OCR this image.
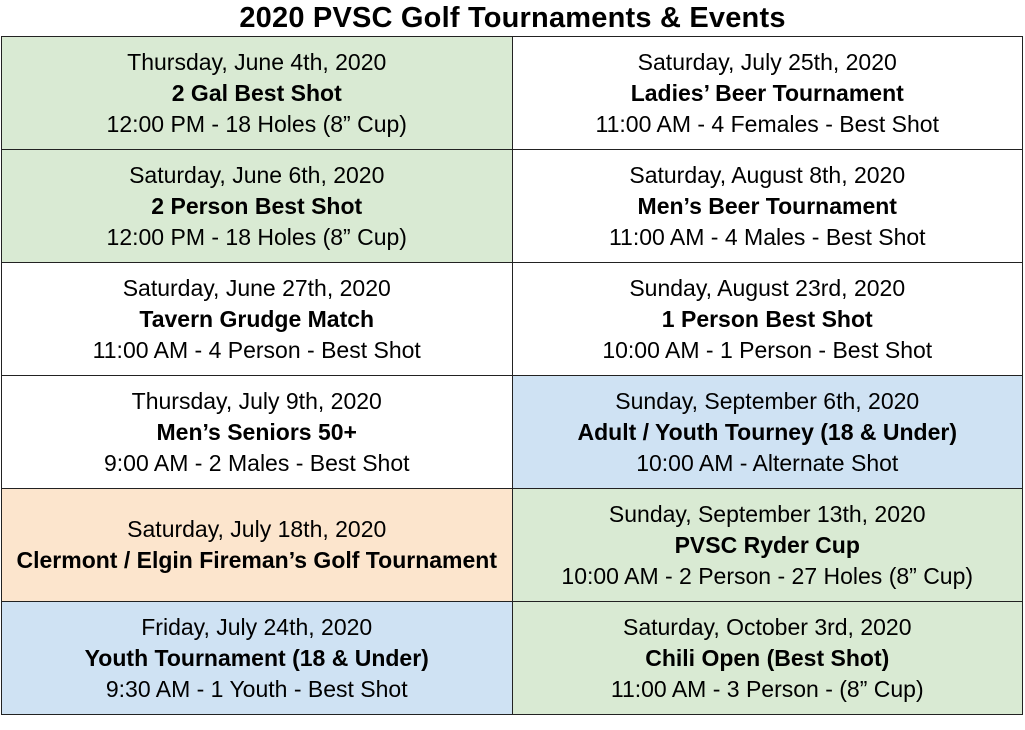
2020 PVSC Golf Tournaments & Events
Thursday, June 4th, 2020
2 Gal Best Shot
12:00 PM - 18 Holes (8” Cup)	Saturday, July 25th, 2020
Ladies’ Beer Tournament
11:00 AM - 4 Females - Best Shot

Saturday, June 6th, 2020
2 Person Best Shot
12:00 PM - 18 Holes (8” Cup)	Saturday, August 8th, 2020
Men’s Beer Tournament
11:00 AM - 4 Males - Best Shot

Saturday, June 27th, 2020
Tavern Grudge Match
11:00 AM - 4 Person - Best Shot	Sunday, August 23rd, 2020
1 Person Best Shot
10:00 AM - 1 Person - Best Shot

Thursday, July 9th, 2020
Men’s Seniors 50+
9:00 AM - 2 Males - Best Shot	Sunday, September 6th, 2020
Adult / Youth Tourney (18 & Under)
10:00 AM - Alternate Shot

Saturday, July 18th, 2020
Clermont / Elgin Fireman’s Golf Tournament	Sunday, September 13th, 2020
PVSC Ryder Cup
10:00 AM - 2 Person - 27 Holes (8” Cup)

Friday, July 24th, 2020
Youth Tournament (18 & Under)
9:30 AM - 1 Youth - Best Shot	Saturday, October 3rd, 2020
Chili Open (Best Shot)
11:00 AM - 3 Person - (8” Cup)
